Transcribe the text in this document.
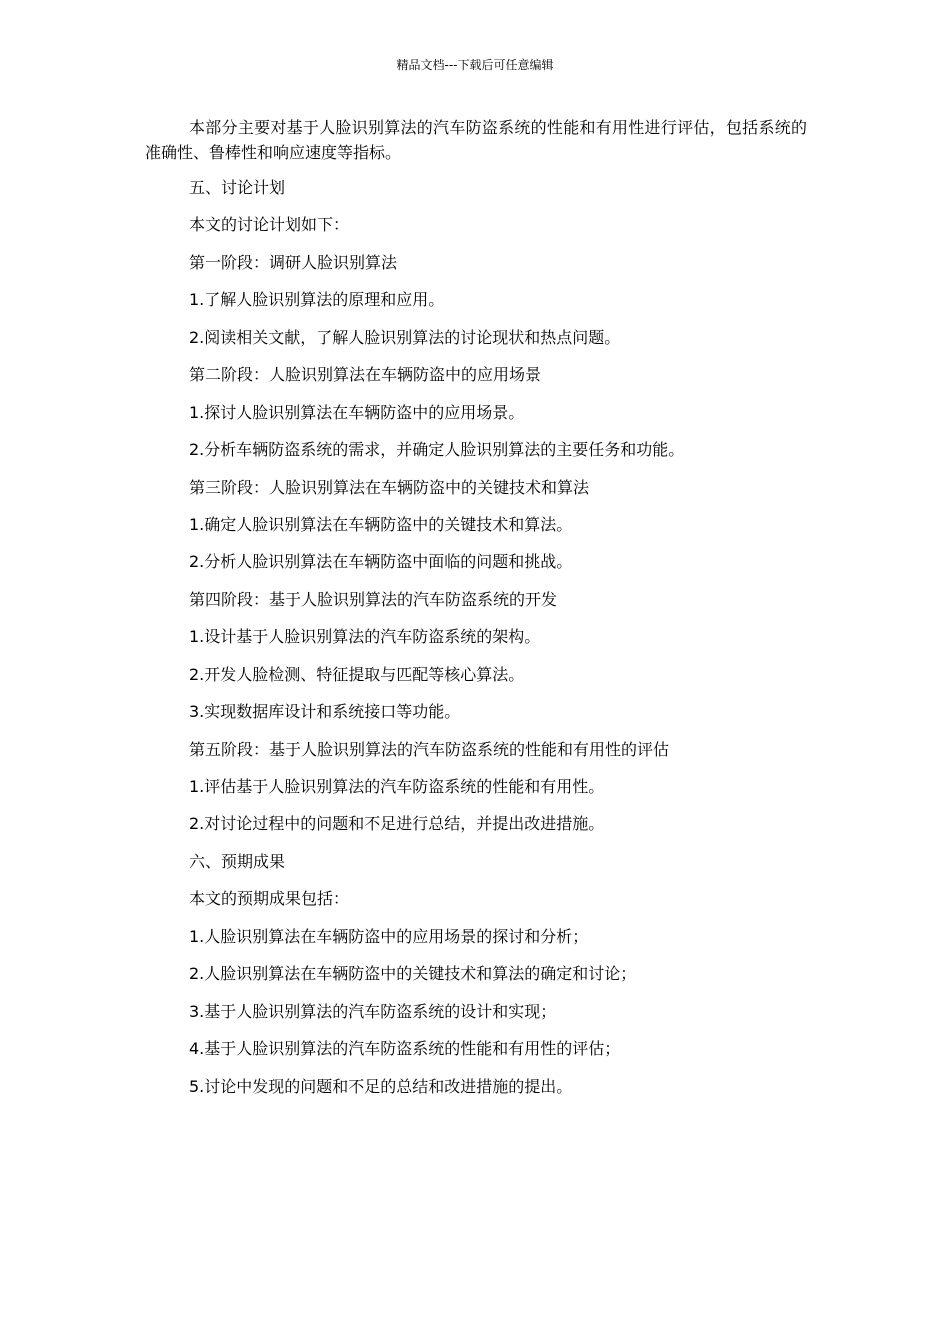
精品文档---下载后可任意编辑

本部分主要对基于人脸识别算法的汽车防盗系统的性能和有用性进行评估，包括系统的准确性、鲁棒性和响应速度等指标。

五、讨论计划
本文的讨论计划如下：
第一阶段：调研人脸识别算法
1.了解人脸识别算法的原理和应用。
2.阅读相关文献，了解人脸识别算法的讨论现状和热点问题。
第二阶段：人脸识别算法在车辆防盗中的应用场景
1.探讨人脸识别算法在车辆防盗中的应用场景。
2.分析车辆防盗系统的需求，并确定人脸识别算法的主要任务和功能。
第三阶段：人脸识别算法在车辆防盗中的关键技术和算法
1.确定人脸识别算法在车辆防盗中的关键技术和算法。
2.分析人脸识别算法在车辆防盗中面临的问题和挑战。
第四阶段：基于人脸识别算法的汽车防盗系统的开发
1.设计基于人脸识别算法的汽车防盗系统的架构。
2.开发人脸检测、特征提取与匹配等核心算法。
3.实现数据库设计和系统接口等功能。
第五阶段：基于人脸识别算法的汽车防盗系统的性能和有用性的评估
1.评估基于人脸识别算法的汽车防盗系统的性能和有用性。
2.对讨论过程中的问题和不足进行总结，并提出改进措施。
六、预期成果
本文的预期成果包括：
1.人脸识别算法在车辆防盗中的应用场景的探讨和分析；
2.人脸识别算法在车辆防盗中的关键技术和算法的确定和讨论；
3.基于人脸识别算法的汽车防盗系统的设计和实现；
4.基于人脸识别算法的汽车防盗系统的性能和有用性的评估；
5.讨论中发现的问题和不足的总结和改进措施的提出。
